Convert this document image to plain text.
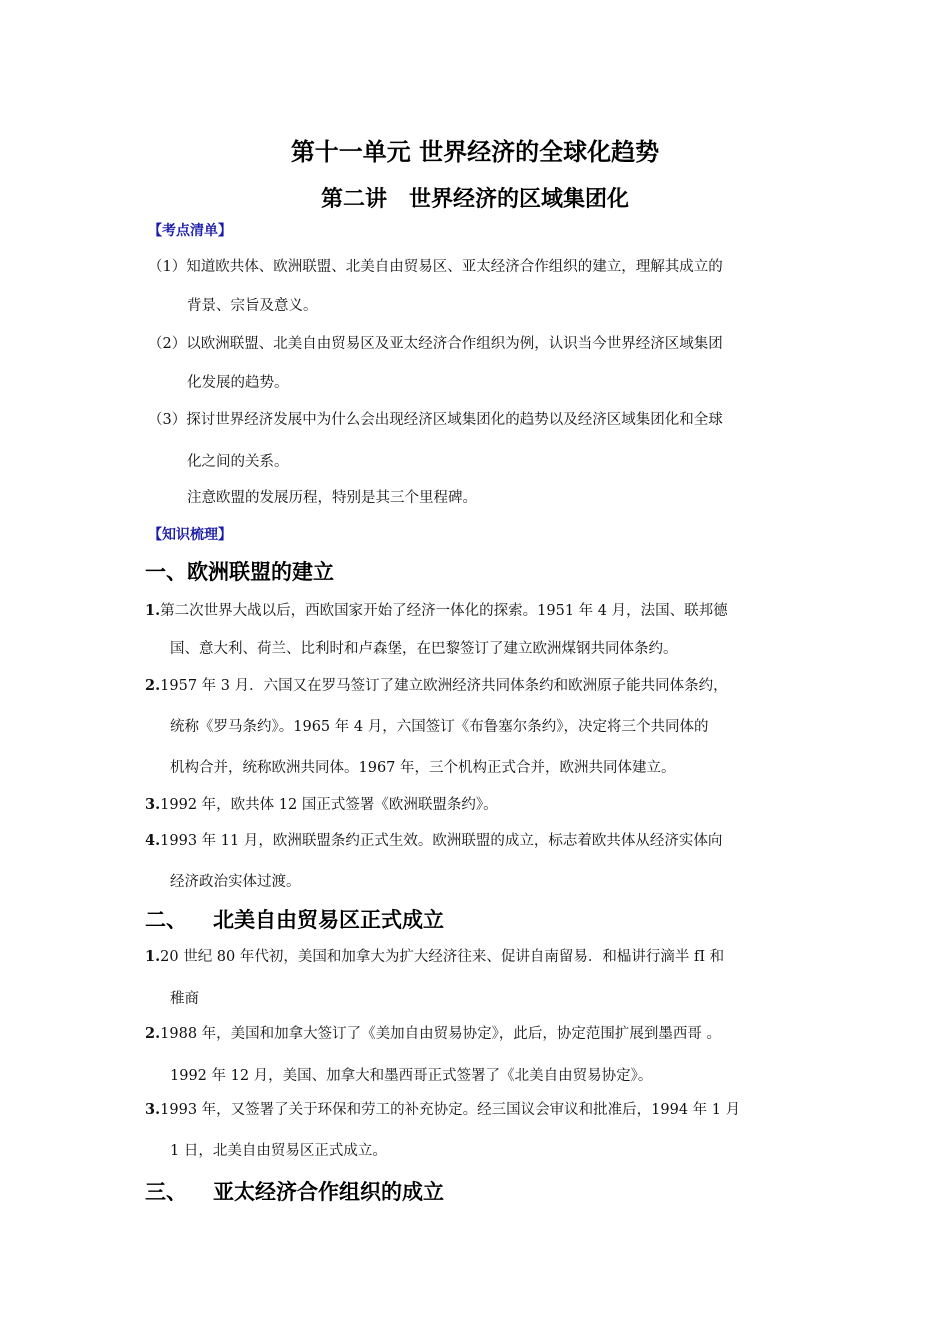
第十一单元 世界经济的全球化趋势
第二讲　世界经济的区域集团化
【考点清单】
（1）知道欧共体、欧洲联盟、北美自由贸易区、亚太经济合作组织的建立，理解其成立的
背景、宗旨及意义。
（2）以欧洲联盟、北美自由贸易区及亚太经济合作组织为例，认识当今世界经济区域集团
化发展的趋势。
（3）探讨世界经济发展中为什么会出现经济区域集团化的趋势以及经济区域集团化和全球
化之间的关系。
注意欧盟的发展历程，特别是其三个里程碑。
【知识梳理】
一、欧洲联盟的建立
1.第二次世界大战以后，西欧国家开始了经济一体化的探索。1951 年 4 月，法国、联邦德
国、意大利、荷兰、比利时和卢森堡，在巴黎签订了建立欧洲煤钢共同体条约。
2.1957 年 3 月．六国又在罗马签订了建立欧洲经济共同体条约和欧洲原子能共同体条约，
统称《罗马条约》。1965 年 4 月，六国签订《布鲁塞尔条约》，决定将三个共同体的
机构合并，统称欧洲共同体。1967 年，三个机构正式合并，欧洲共同体建立。
3.1992 年，欧共体 12 国正式签署《欧洲联盟条约》。
4.1993 年 11 月，欧洲联盟条约正式生效。欧洲联盟的成立，标志着欧共体从经济实体向
经济政治实体过渡。
二、 北美自由贸易区正式成立
1.20 世纪 80 年代初，美国和加拿大为扩大经济往来、促讲自南留易．和榀讲行滴半 fI 和
稚商
2.1988 年，美国和加拿大签订了《美加自由贸易协定》，此后，协定范围扩展到墨西哥 。
1992 年 12 月，美国、加拿大和墨西哥正式签署了《北美自由贸易协定》。
3.1993 年，又签署了关于环保和劳工的补充协定。经三国议会审议和批准后，1994 年 1 月
1 日，北美自由贸易区正式成立。
三、 亚太经济合作组织的成立
